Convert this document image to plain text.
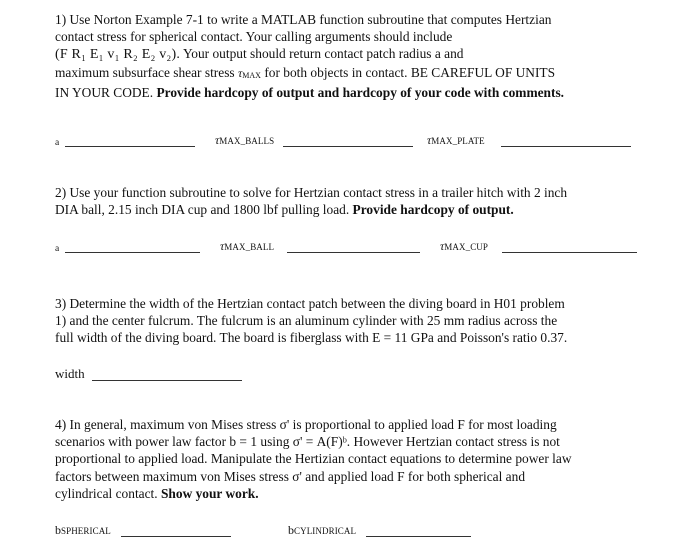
1) Use Norton Example 7-1 to write a MATLAB function subroutine that computes Hertzian
contact stress for spherical contact. Your calling arguments should include
(F R₁ E₁ v₁ R₂ E₂ v₂). Your output should return contact patch radius a and
maximum subsurface shear stress τMAX for both objects in contact. BE CAREFUL OF UNITS
IN YOUR CODE. Provide hardcopy of output and hardcopy of your code with comments.
a	τMAX_BALLS	τMAX_PLATE
2) Use your function subroutine to solve for Hertzian contact stress in a trailer hitch with 2 inch
DIA ball, 2.15 inch DIA cup and 1800 lbf pulling load. Provide hardcopy of output.
a	τMAX_BALL	τMAX_CUP
3) Determine the width of the Hertzian contact patch between the diving board in H01 problem
1) and the center fulcrum. The fulcrum is an aluminum cylinder with 25 mm radius across the
full width of the diving board. The board is fiberglass with E = 11 GPa and Poisson's ratio 0.37.
width
4) In general, maximum von Mises stress σ' is proportional to applied load F for most loading
scenarios with power law factor b = 1 using σ' = A(F)ᵇ. However Hertzian contact stress is not
proportional to applied load. Manipulate the Hertizian contact equations to determine power law
factors between maximum von Mises stress σ' and applied load F for both spherical and
cylindrical contact. Show your work.
bSPHERICAL	bCYLINDRICAL
